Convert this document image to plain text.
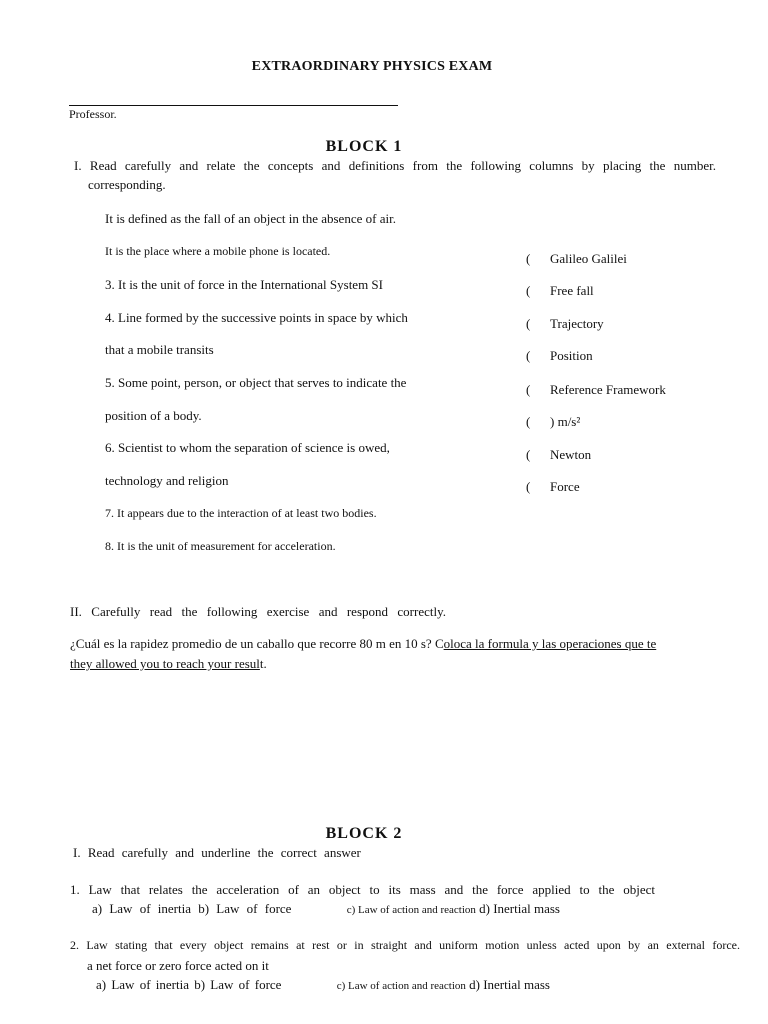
EXTRAORDINARY PHYSICS EXAM
Professor.
BLOCK 1
I. Read carefully and relate the concepts and definitions from the following columns by placing the number.
corresponding.
It is defined as the fall of an object in the absence of air.
It is the place where a mobile phone is located.
3. It is the unit of force in the International System SI
4. Line formed by the successive points in space by which
that a mobile transits
5. Some point, person, or object that serves to indicate the
position of a body.
6. Scientist to whom the separation of science is owed,
technology and religion
7. It appears due to the interaction of at least two bodies.
8. It is the unit of measurement for acceleration.
( Galileo Galilei
( Free fall
( Trajectory
( Position
( Reference Framework
( ) m/s²
( Newton
( Force
II. Carefully read the following exercise and respond correctly.
¿Cuál es la rapidez promedio de un caballo que recorre 80 m en 10 s? Coloca la formula y las operaciones que te
they allowed you to reach your result.
BLOCK 2
I. Read carefully and underline the correct answer
1. Law that relates the acceleration of an object to its mass and the force applied to the object
a) Law of inertia b) Law of force	c) Law of action and reaction d) Inertial mass
2. Law stating that every object remains at rest or in straight and uniform motion unless acted upon by an external force.
a net force or zero force acted on it
a) Law of inertia b) Law of force	c) Law of action and reaction d) Inertial mass
